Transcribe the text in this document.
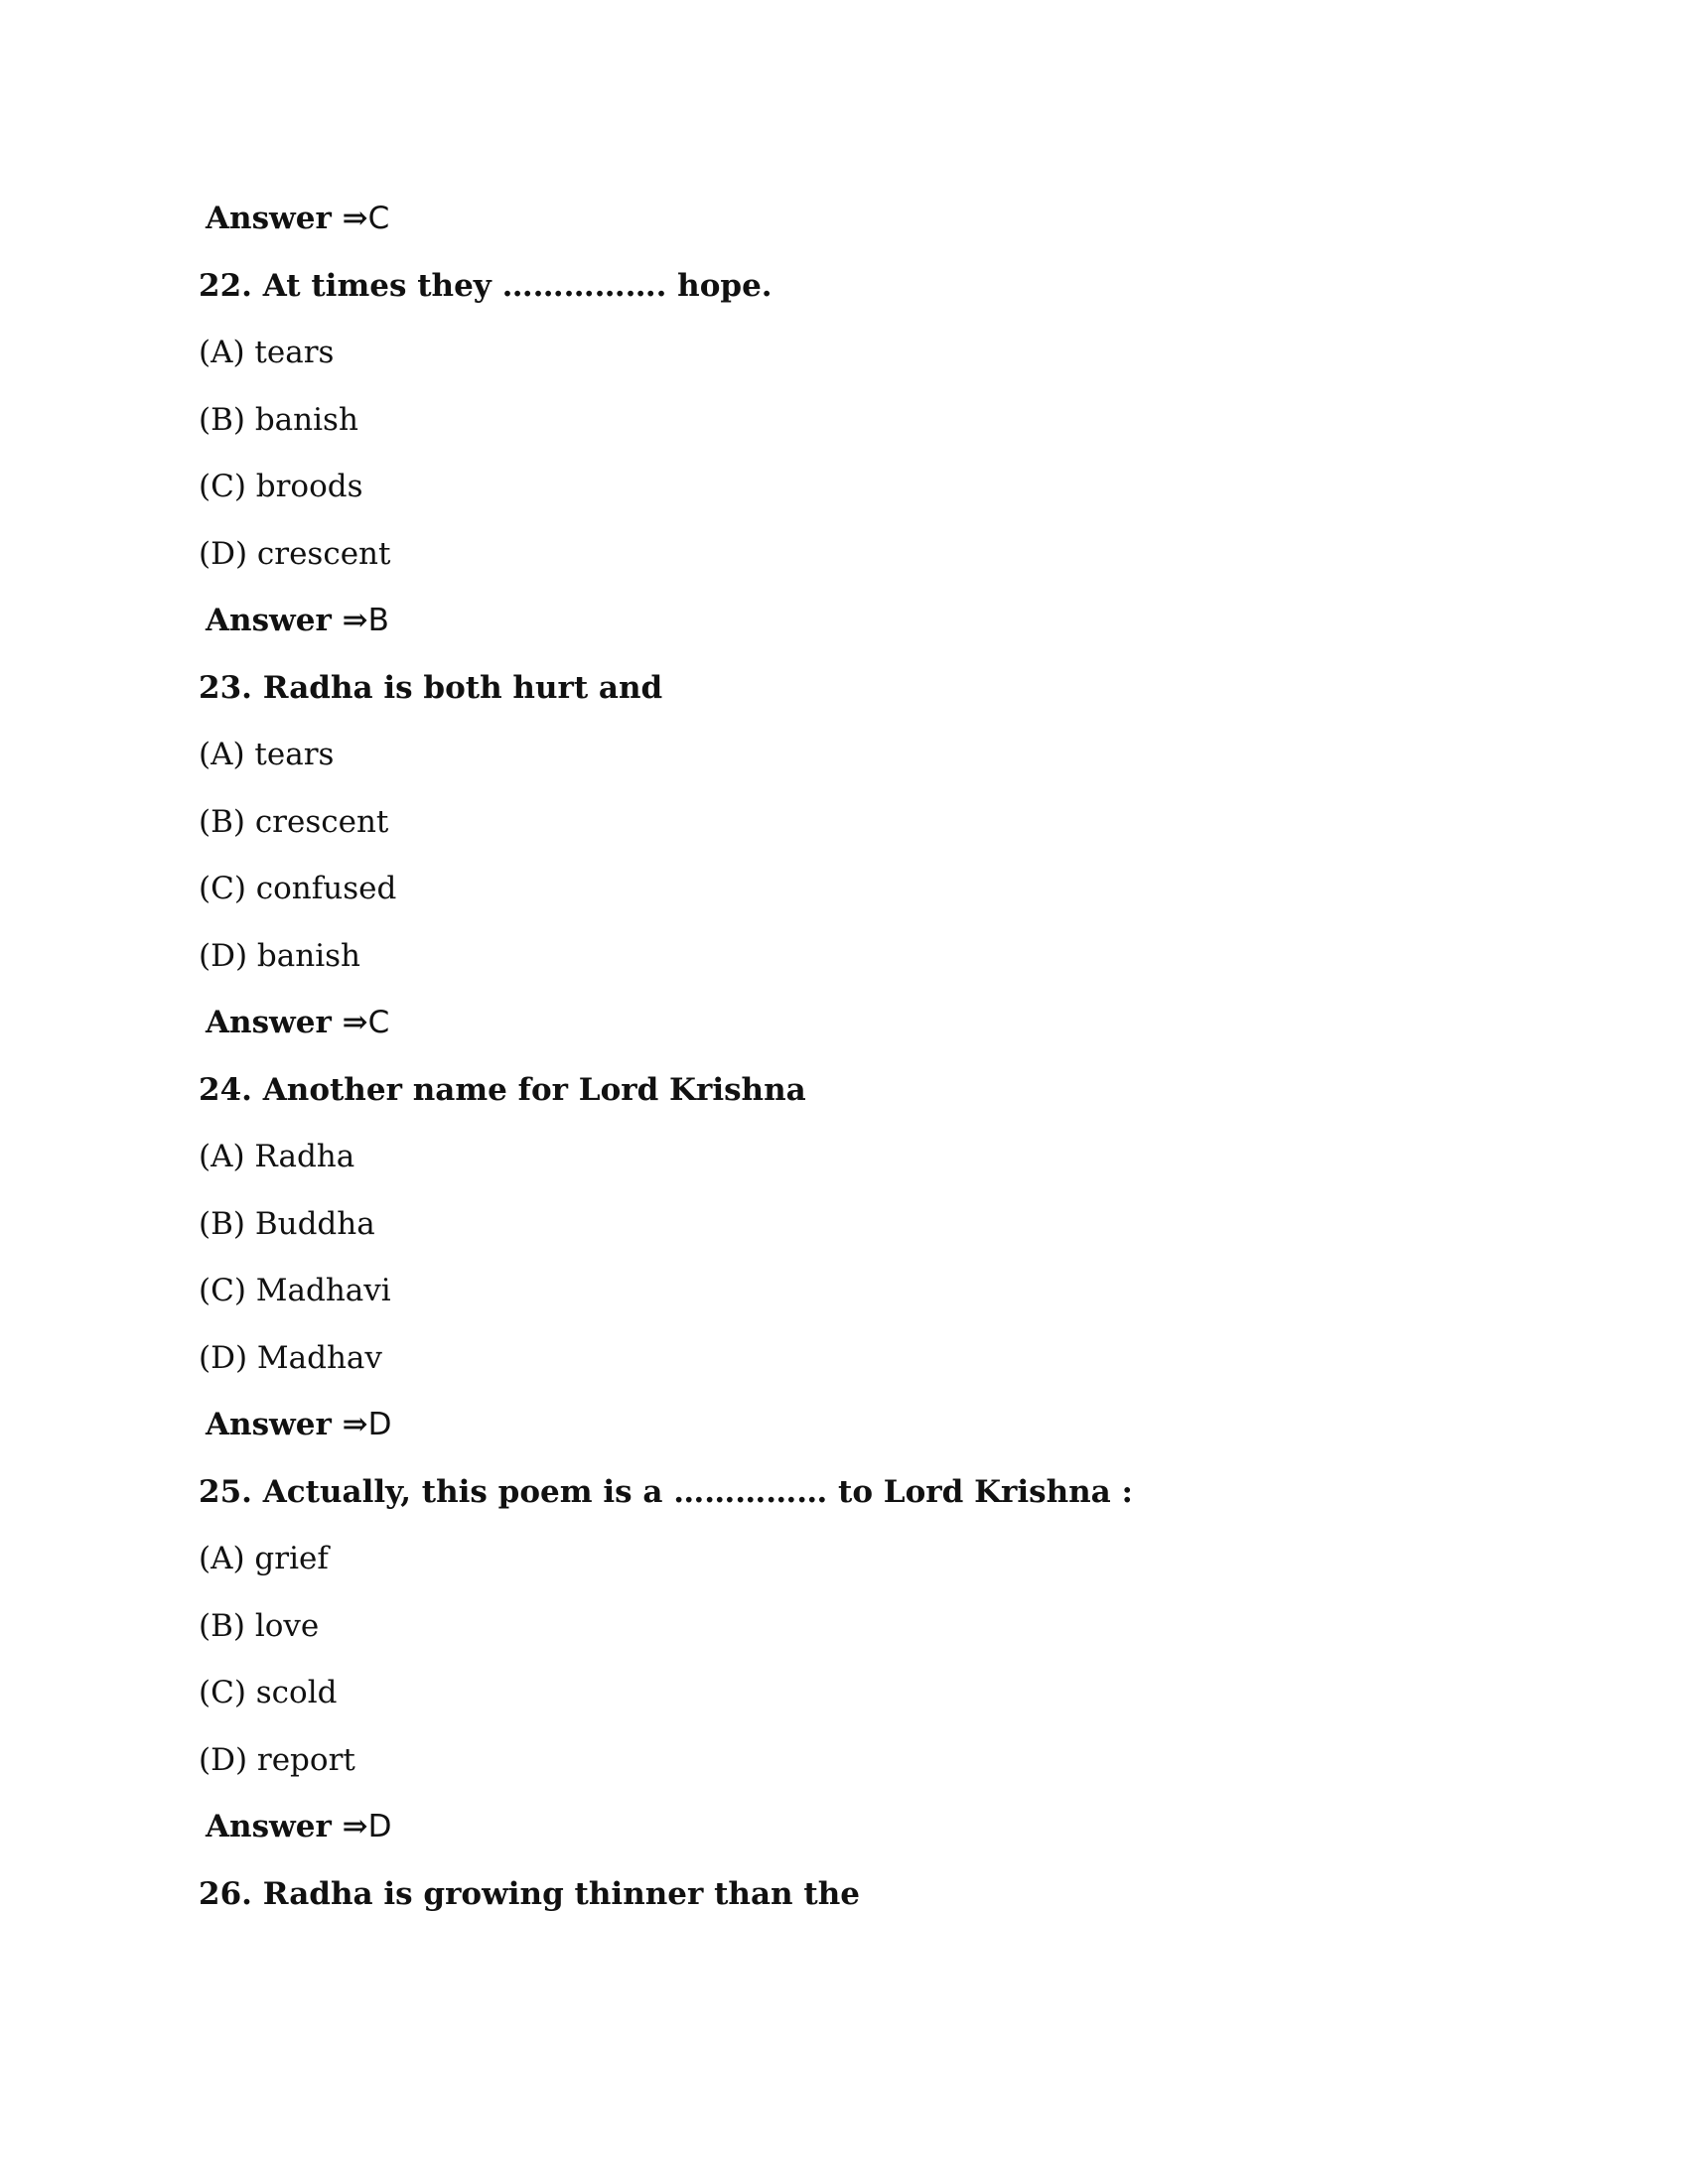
Answer ⇒C
22. At times they ……………. hope.
(A) tears
(B) banish
(C) broods
(D) crescent
Answer ⇒B
23. Radha is both hurt and
(A) tears
(B) crescent
(C) confused
(D) banish
Answer ⇒C
24. Another name for Lord Krishna
(A) Radha
(B) Buddha
(C) Madhavi
(D) Madhav
Answer ⇒D
25. Actually, this poem is a …………… to Lord Krishna :
(A) grief
(B) love
(C) scold
(D) report
Answer ⇒D
26. Radha is growing thinner than the
